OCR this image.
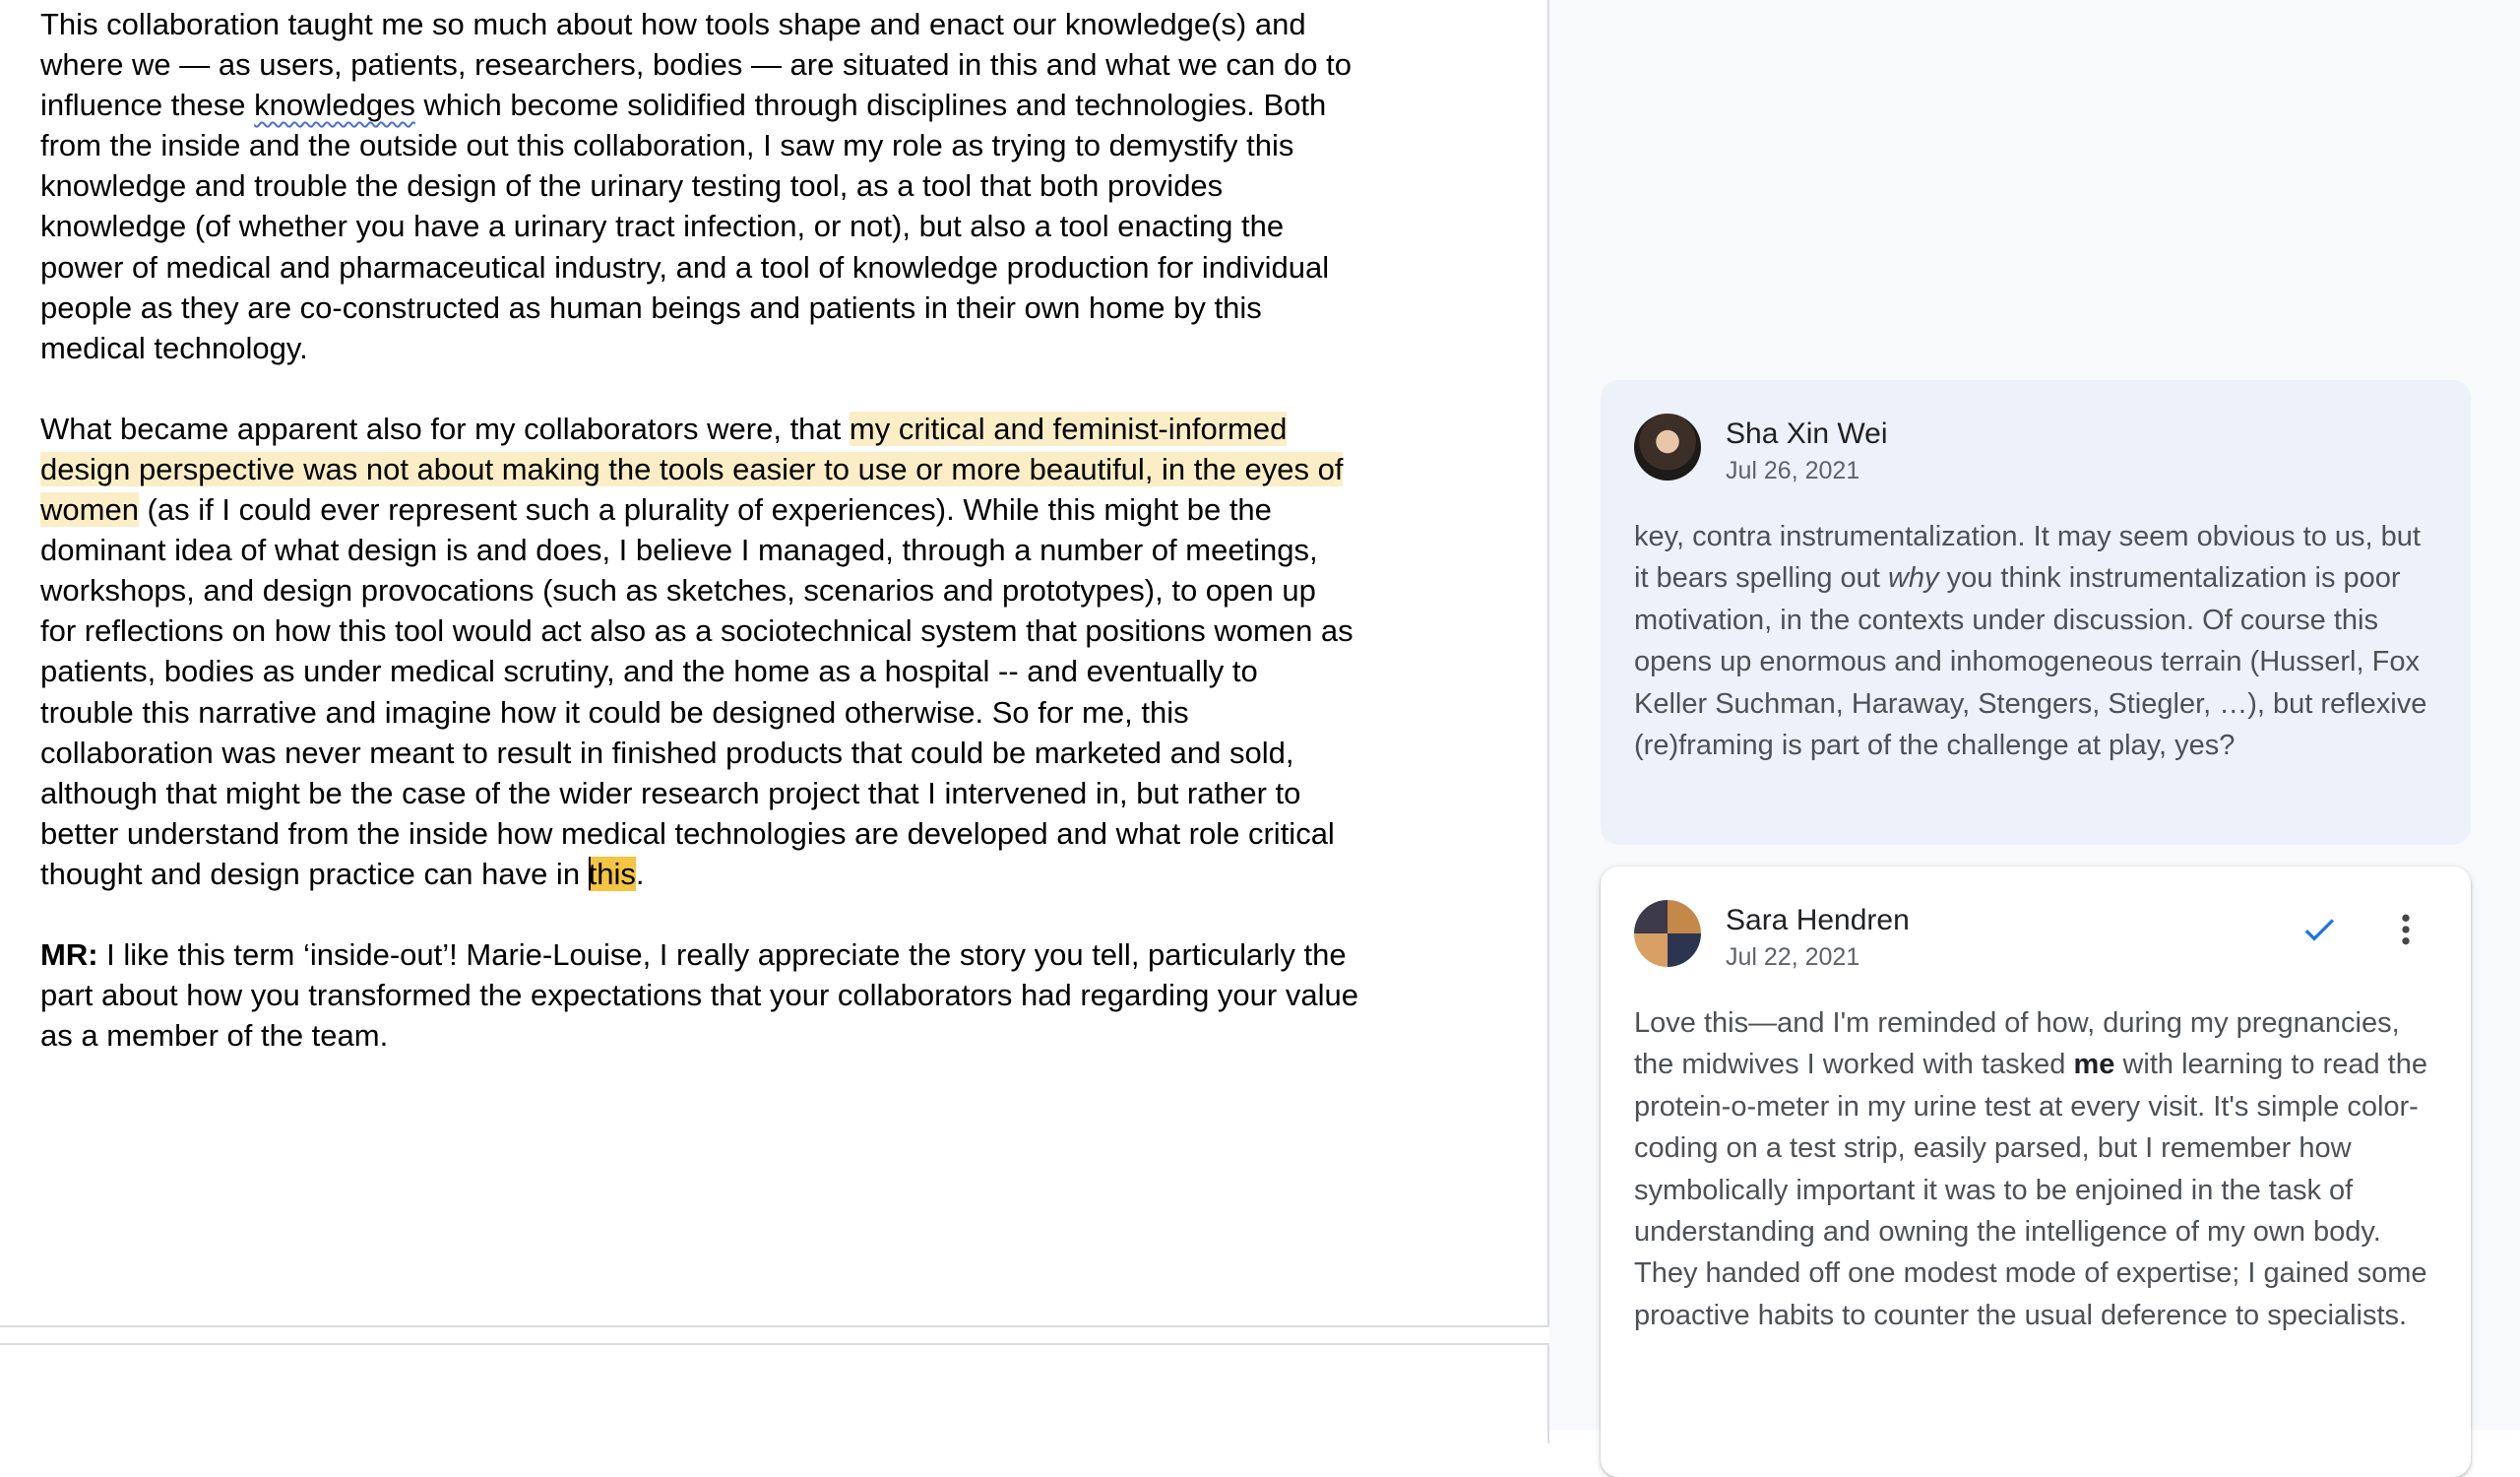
This collaboration taught me so much about how tools shape and enact our knowledge(s) and where we — as users, patients, researchers, bodies — are situated in this and what we can do to influence these knowledges which become solidified through disciplines and technologies. Both from the inside and the outside out this collaboration, I saw my role as trying to demystify this knowledge and trouble the design of the urinary testing tool, as a tool that both provides knowledge (of whether you have a urinary tract infection, or not), but also a tool enacting the power of medical and pharmaceutical industry, and a tool of knowledge production for individual people as they are co-constructed as human beings and patients in their own home by this medical technology.

What became apparent also for my collaborators were, that my critical and feminist-informed design perspective was not about making the tools easier to use or more beautiful, in the eyes of women (as if I could ever represent such a plurality of experiences). While this might be the dominant idea of what design is and does, I believe I managed, through a number of meetings, workshops, and design provocations (such as sketches, scenarios and prototypes), to open up for reflections on how this tool would act also as a sociotechnical system that positions women as patients, bodies as under medical scrutiny, and the home as a hospital -- and eventually to trouble this narrative and imagine how it could be designed otherwise. So for me, this collaboration was never meant to result in finished products that could be marketed and sold, although that might be the case of the wider research project that I intervened in, but rather to better understand from the inside how medical technologies are developed and what role critical thought and design practice can have in this.

MR: I like this term ‘inside-out’! Marie-Louise, I really appreciate the story you tell, particularly the part about how you transformed the expectations that your collaborators had regarding your value as a member of the team.

Sha Xin Wei
Jul 26, 2021
key, contra instrumentalization. It may seem obvious to us, but it bears spelling out why you think instrumentalization is poor motivation, in the contexts under discussion. Of course this opens up enormous and inhomogeneous terrain (Husserl, Fox Keller Suchman, Haraway, Stengers, Stiegler, …), but reflexive (re)framing is part of the challenge at play, yes?
Sara Hendren
Jul 22, 2021
Love this—and I'm reminded of how, during my pregnancies, the midwives I worked with tasked me with learning to read the protein-o-meter in my urine test at every visit. It's simple color-coding on a test strip, easily parsed, but I remember how symbolically important it was to be enjoined in the task of understanding and owning the intelligence of my own body. They handed off one modest mode of expertise; I gained some proactive habits to counter the usual deference to specialists.
